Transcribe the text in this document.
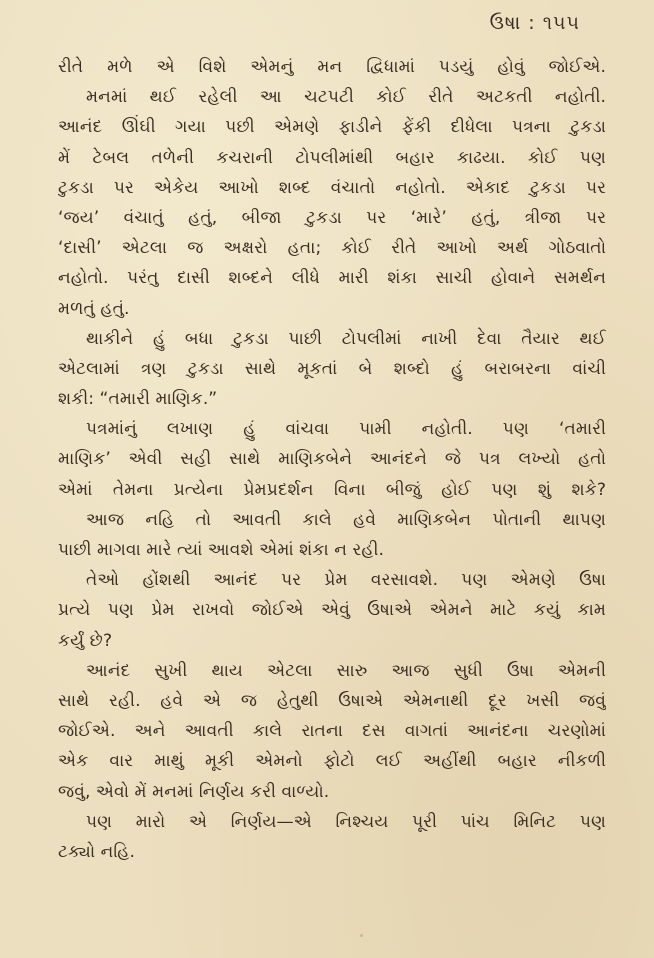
ઉષા : ૧૫૫
રીતે મળે એ વિશે એમનું મન દ્વિધામાં પડયું હોવું જોઈએ.
મનમાં થઈ રહેલી આ ચટપટી કોઈ રીતે અટકતી નહોતી.
આનંદ ઊંઘી ગયા પછી એમણે ફાડીને ફેંકી દીધેલા પત્રના ટુકડા
મેં ટેબલ તળેની કચરાની ટોપલીમાંથી બહાર કાઢયા. કોઈ પણ
ટુકડા પર એકેય આખો શબ્દ વંચાતો નહોતો. એકાદ ટુકડા પર
‘જય’ વંચાતું હતું, બીજા ટુકડા પર ‘મારે’ હતું, ત્રીજા પર
‘દાસી’ એટલા જ અક્ષરો હતા; કોઈ રીતે આખો અર્થ ગોઠવાતો
નહોતો. પરંતુ દાસી શબ્દને લીધે મારી શંકા સાચી હોવાને સમર્થન
મળતું હતું.
થાકીને હું બધા ટુકડા પાછી ટોપલીમાં નાખી દેવા તૈયાર થઈ
એટલામાં ત્રણ ટુકડા સાથે મૂકતાં બે શબ્દો હું બરાબરના વાંચી
શકી: “તમારી માણિક.”
પત્રમાંનું લખાણ હું વાંચવા પામી નહોતી. પણ ‘તમારી
માણિક’ એવી સહી સાથે માણિકબેને આનંદને જે પત્ર લખ્યો હતો
એમાં તેમના પ્રત્યેના પ્રેમપ્રદર્શન વિના બીજું હોઈ પણ શું શકે?
આજ નહિ તો આવતી કાલે હવે માણિકબેન પોતાની થાપણ
પાછી માગવા મારે ત્યાં આવશે એમાં શંકા ન રહી.
તેઓ હોંશથી આનંદ પર પ્રેમ વરસાવશે. પણ એમણે ઉષા
પ્રત્યે પણ પ્રેમ રાખવો જોઈએ એવું ઉષાએ એમને માટે કયું કામ
કર્યું છે?
આનંદ સુખી થાય એટલા સારુ આજ સુધી ઉષા એમની
સાથે રહી. હવે એ જ હેતુથી ઉષાએ એમનાથી દૂર ખસી જવું
જોઈએ. અને આવતી કાલે રાતના દસ વાગતાં આનંદના ચરણોમાં
એક વાર માથું મૂકી એમનો ફોટો લઈ અહીંથી બહાર નીકળી
જવું, એવો મેં મનમાં નિર્ણય કરી વાળ્યો.
પણ મારો એ નિર્ણય—એ નિશ્ચય પૂરી પાંચ મિનિટ પણ
ટક્યો નહિ.
